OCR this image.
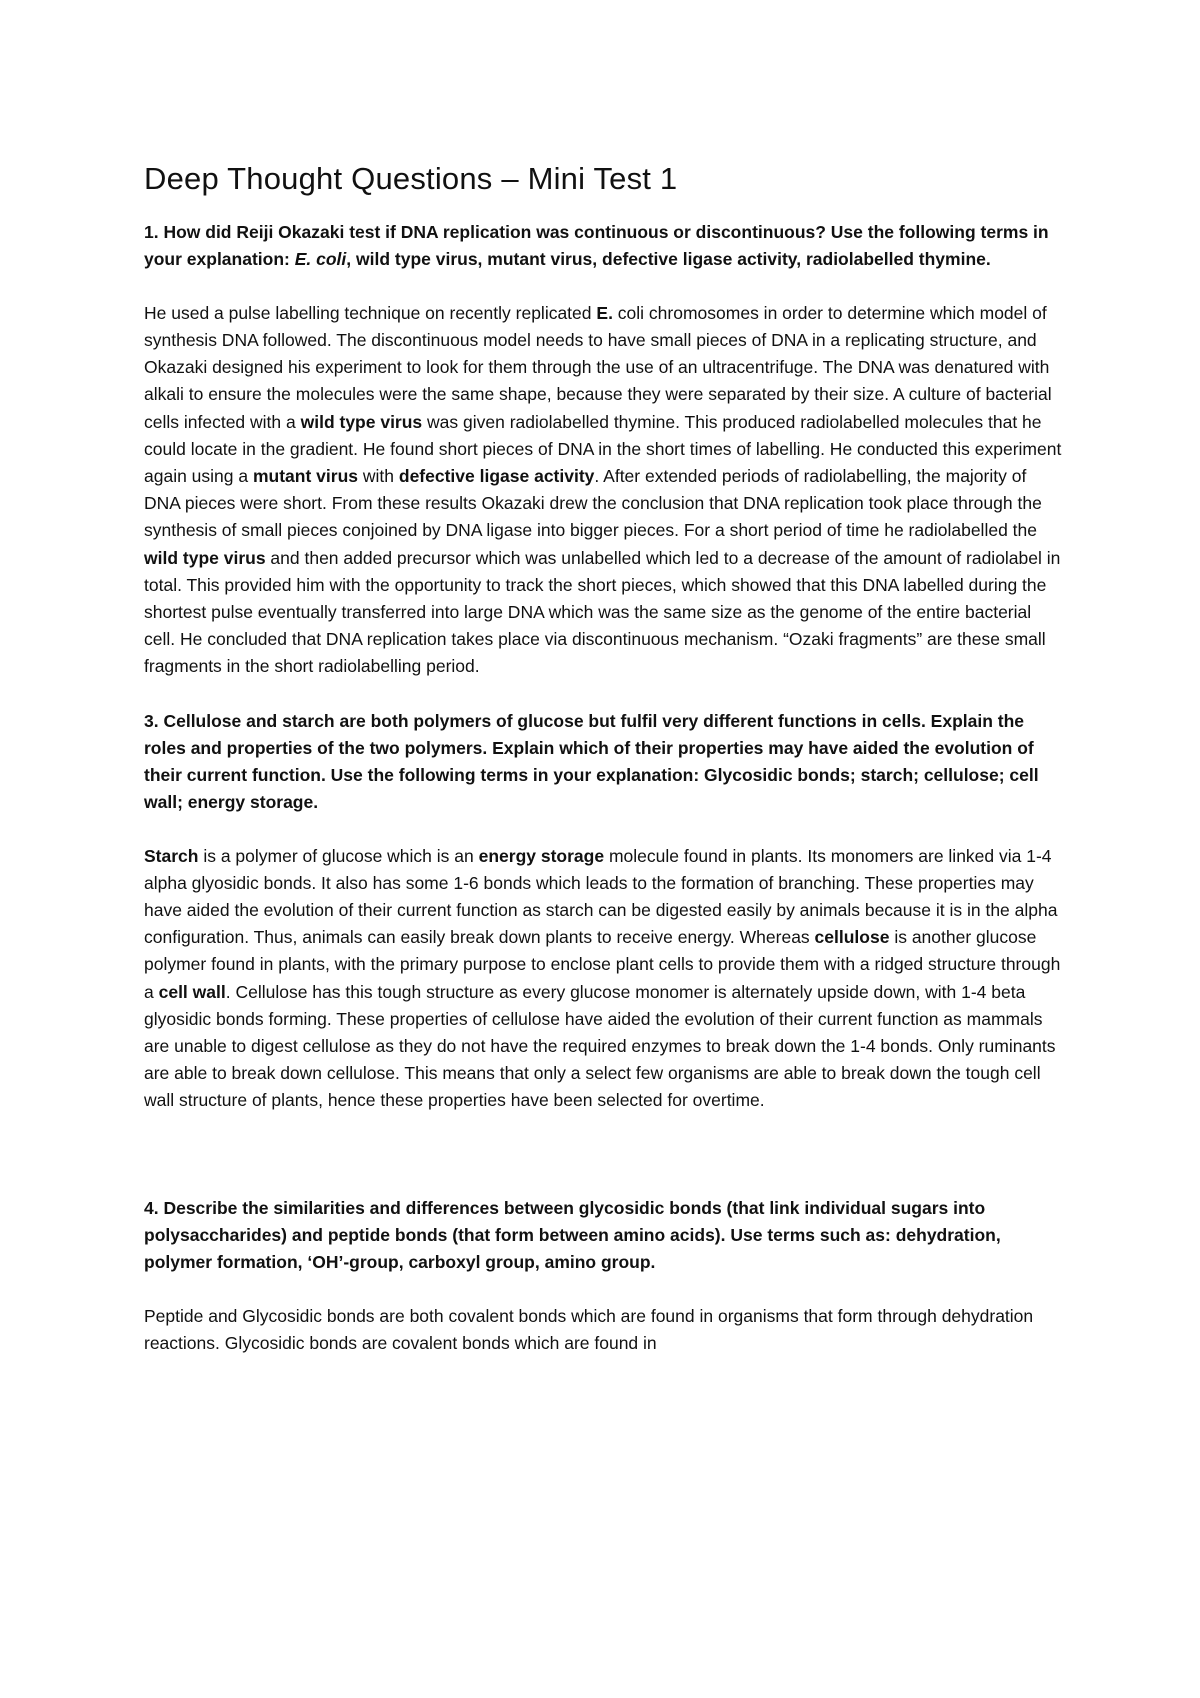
Deep Thought Questions – Mini Test 1

1. How did Reiji Okazaki test if DNA replication was continuous or discontinuous? Use the following terms in your explanation: E. coli, wild type virus, mutant virus, defective ligase activity, radiolabelled thymine.

He used a pulse labelling technique on recently replicated E. coli chromosomes in order to determine which model of synthesis DNA followed. The discontinuous model needs to have small pieces of DNA in a replicating structure, and Okazaki designed his experiment to look for them through the use of an ultracentrifuge. The DNA was denatured with alkali to ensure the molecules were the same shape, because they were separated by their size. A culture of bacterial cells infected with a wild type virus was given radiolabelled thymine. This produced radiolabelled molecules that he could locate in the gradient. He found short pieces of DNA in the short times of labelling. He conducted this experiment again using a mutant virus with defective ligase activity. After extended periods of radiolabelling, the majority of DNA pieces were short. From these results Okazaki drew the conclusion that DNA replication took place through the synthesis of small pieces conjoined by DNA ligase into bigger pieces. For a short period of time he radiolabelled the wild type virus and then added precursor which was unlabelled which led to a decrease of the amount of radiolabel in total. This provided him with the opportunity to track the short pieces, which showed that this DNA labelled during the shortest pulse eventually transferred into large DNA which was the same size as the genome of the entire bacterial cell. He concluded that DNA replication takes place via discontinuous mechanism. “Ozaki fragments” are these small fragments in the short radiolabelling period.

3. Cellulose and starch are both polymers of glucose but fulfil very different functions in cells. Explain the roles and properties of the two polymers. Explain which of their properties may have aided the evolution of their current function. Use the following terms in your explanation: Glycosidic bonds; starch; cellulose; cell wall; energy storage.

Starch is a polymer of glucose which is an energy storage molecule found in plants. Its monomers are linked via 1-4 alpha glyosidic bonds. It also has some 1-6 bonds which leads to the formation of branching. These properties may have aided the evolution of their current function as starch can be digested easily by animals because it is in the alpha configuration. Thus, animals can easily break down plants to receive energy. Whereas cellulose is another glucose polymer found in plants, with the primary purpose to enclose plant cells to provide them with a ridged structure through a cell wall. Cellulose has this tough structure as every glucose monomer is alternately upside down, with 1-4 beta glyosidic bonds forming. These properties of cellulose have aided the evolution of their current function as mammals are unable to digest cellulose as they do not have the required enzymes to break down the 1-4 bonds. Only ruminants are able to break down cellulose. This means that only a select few organisms are able to break down the tough cell wall structure of plants, hence these properties have been selected for overtime.

4. Describe the similarities and differences between glycosidic bonds (that link individual sugars into polysaccharides) and peptide bonds (that form between amino acids). Use terms such as: dehydration, polymer formation, ‘OH’-group, carboxyl group, amino group.

Peptide and Glycosidic bonds are both covalent bonds which are found in organisms that form through dehydration reactions. Glycosidic bonds are covalent bonds which are found in
